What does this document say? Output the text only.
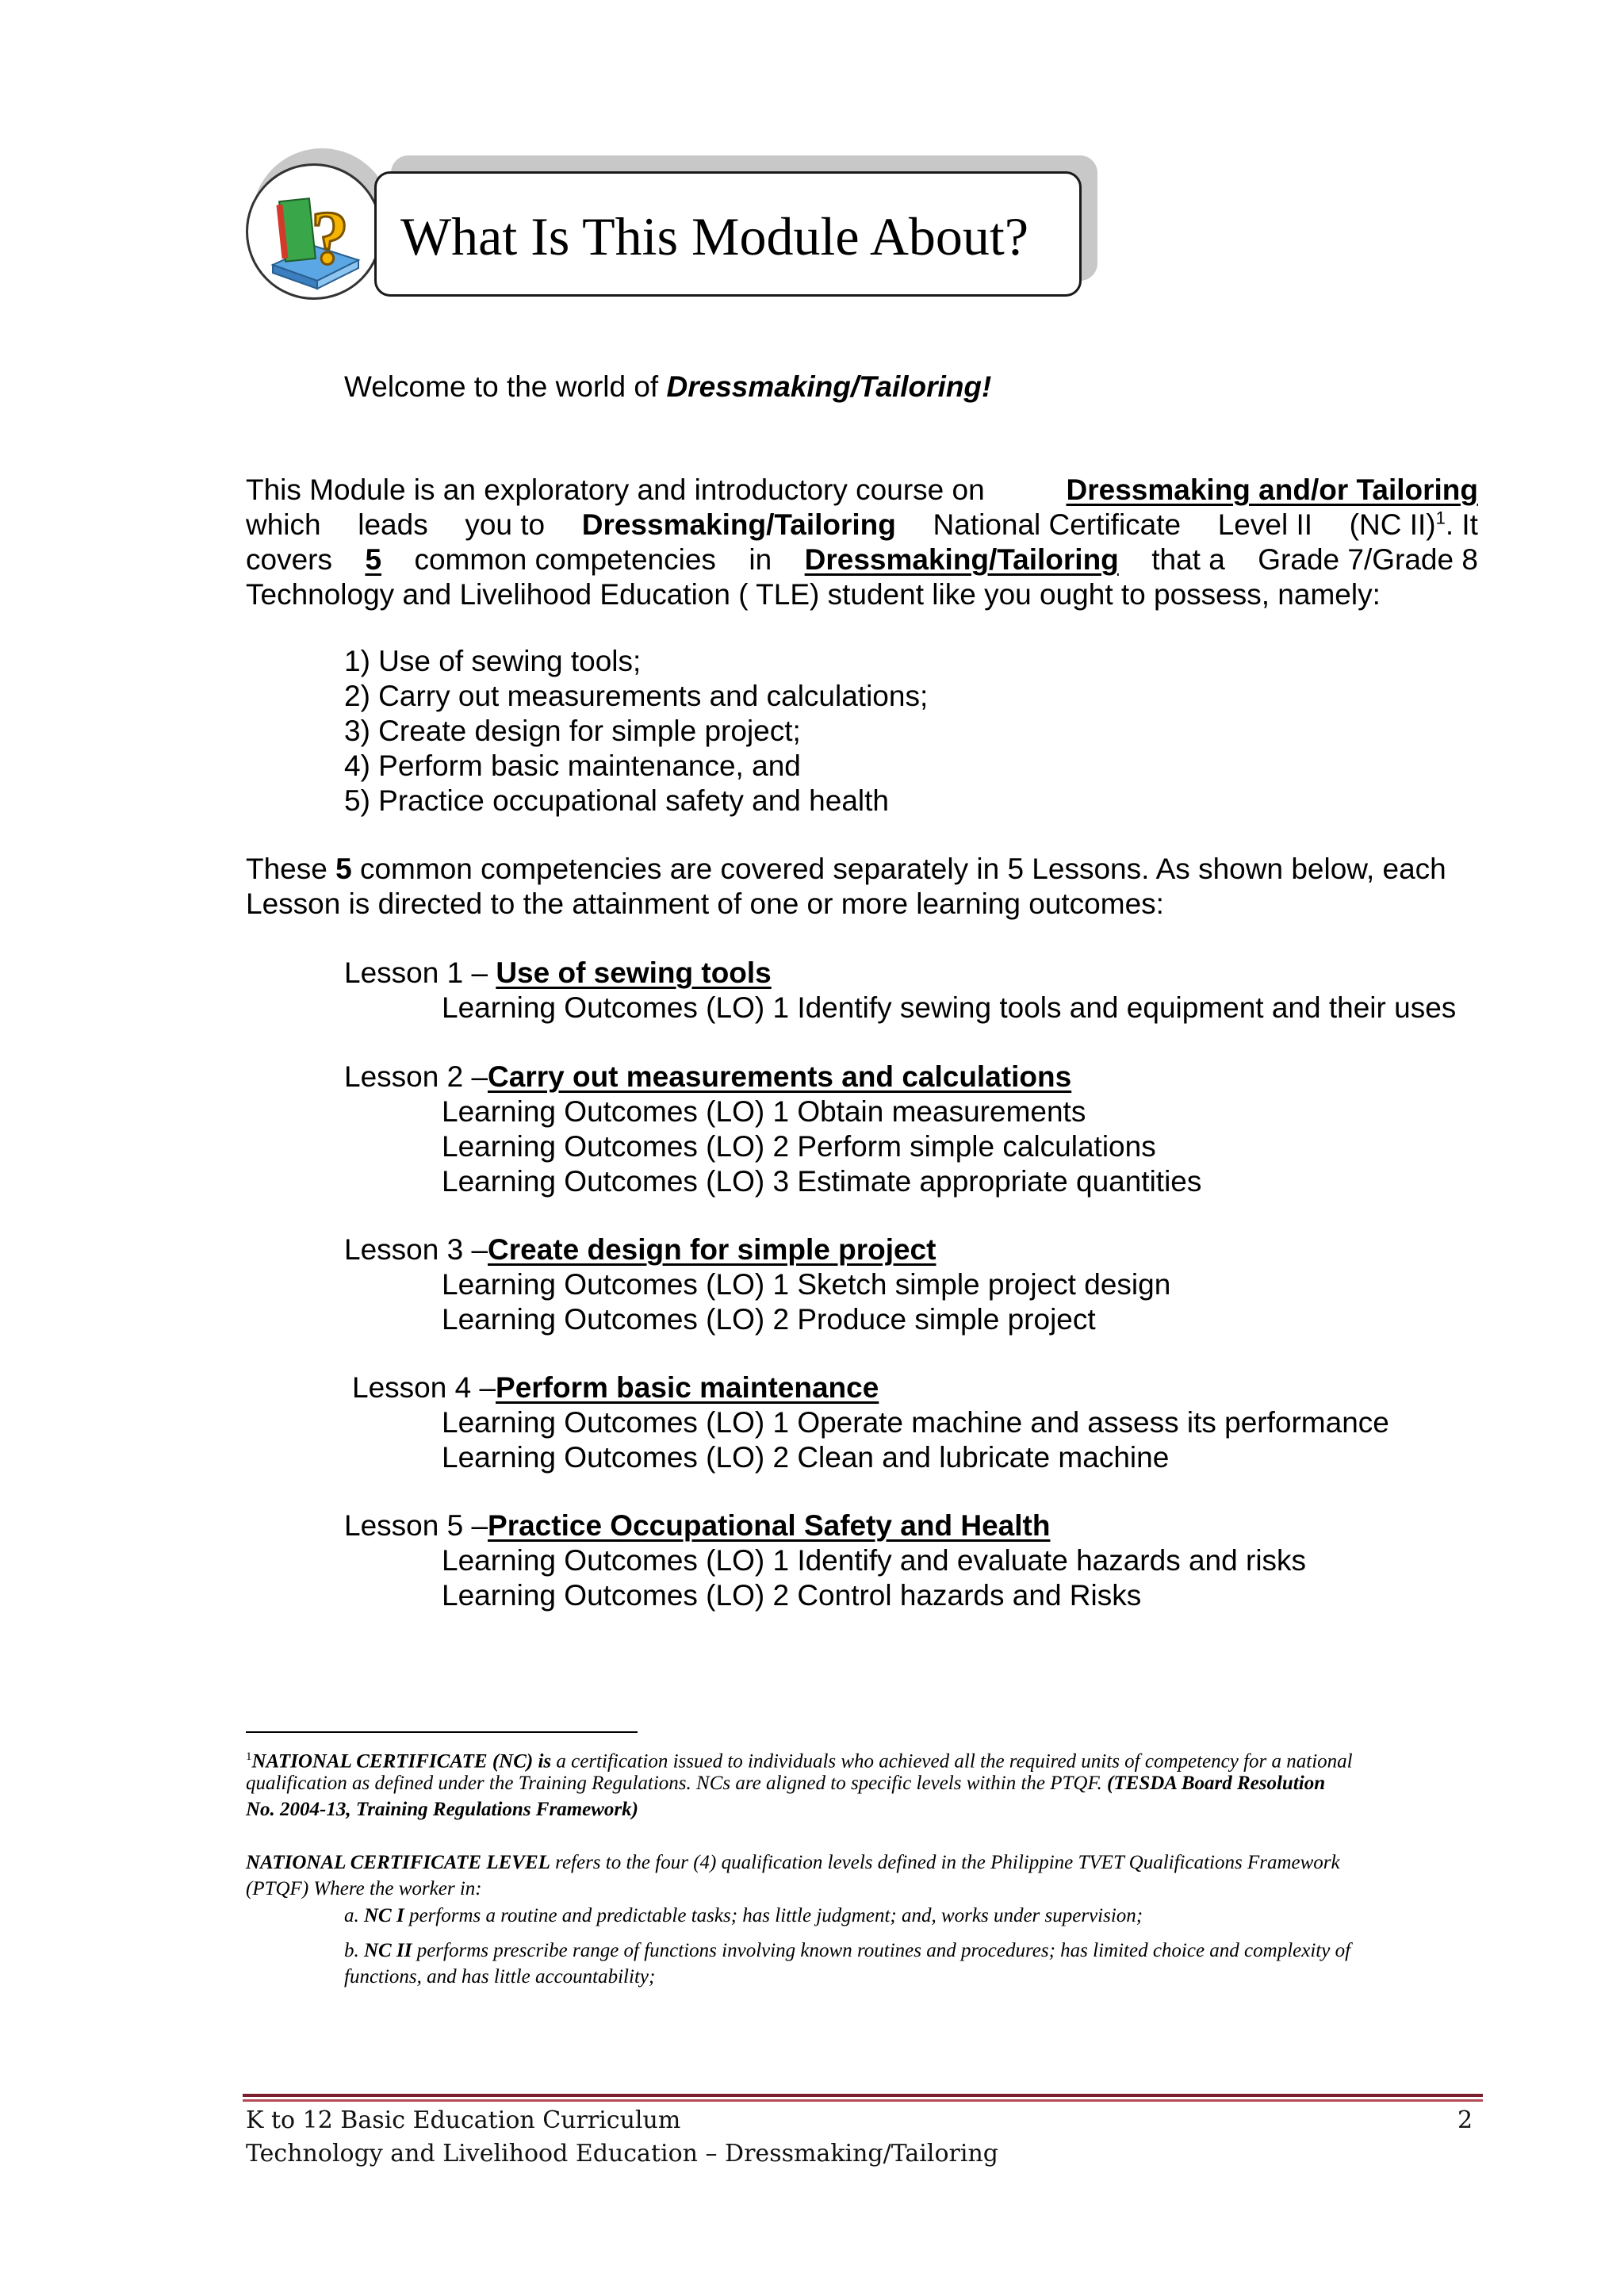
? What Is This Module About?
Welcome to the world of Dressmaking/Tailoring!
This Module is an exploratory and introductory course on	Dressmaking and/or Tailoring
which leads you to Dressmaking/Tailoring National Certificate Level II (NC II)$^1$. It
covers 5 common competencies in Dressmaking/Tailoring that a Grade 7/Grade 8
Technology and Livelihood Education ( TLE) student like you ought to possess, namely:
1) Use of sewing tools;
2) Carry out measurements and calculations;
3) Create design for simple project;
4) Perform basic maintenance, and
5) Practice occupational safety and health
These 5 common competencies are covered separately in 5 Lessons. As shown below, each
Lesson is directed to the attainment of one or more learning outcomes:
Lesson 1 – Use of sewing tools
Learning Outcomes (LO) 1 Identify sewing tools and equipment and their uses
Lesson 2 –Carry out measurements and calculations
Learning Outcomes (LO) 1 Obtain measurements
Learning Outcomes (LO) 2 Perform simple calculations
Learning Outcomes (LO) 3 Estimate appropriate quantities
Lesson 3 –Create design for simple project
Learning Outcomes (LO) 1 Sketch simple project design
Learning Outcomes (LO) 2 Produce simple project
Lesson 4 –Perform basic maintenance
Learning Outcomes (LO) 1 Operate machine and assess its performance
Learning Outcomes (LO) 2 Clean and lubricate machine
Lesson 5 –Practice Occupational Safety and Health
Learning Outcomes (LO) 1 Identify and evaluate hazards and risks
Learning Outcomes (LO) 2 Control hazards and Risks
$^1$NATIONAL CERTIFICATE (NC) is a certification issued to individuals who achieved all the required units of competency for a national
qualification as defined under the Training Regulations. NCs are aligned to specific levels within the PTQF. (TESDA Board Resolution
No. 2004-13, Training Regulations Framework)
NATIONAL CERTIFICATE LEVEL refers to the four (4) qualification levels defined in the Philippine TVET Qualifications Framework
(PTQF) Where the worker in:
a. NC I performs a routine and predictable tasks; has little judgment; and, works under supervision;
b. NC II performs prescribe range of functions involving known routines and procedures; has limited choice and complexity of
functions, and has little accountability;
K to 12 Basic Education Curriculum
Technology and Livelihood Education – Dressmaking/Tailoring
2
